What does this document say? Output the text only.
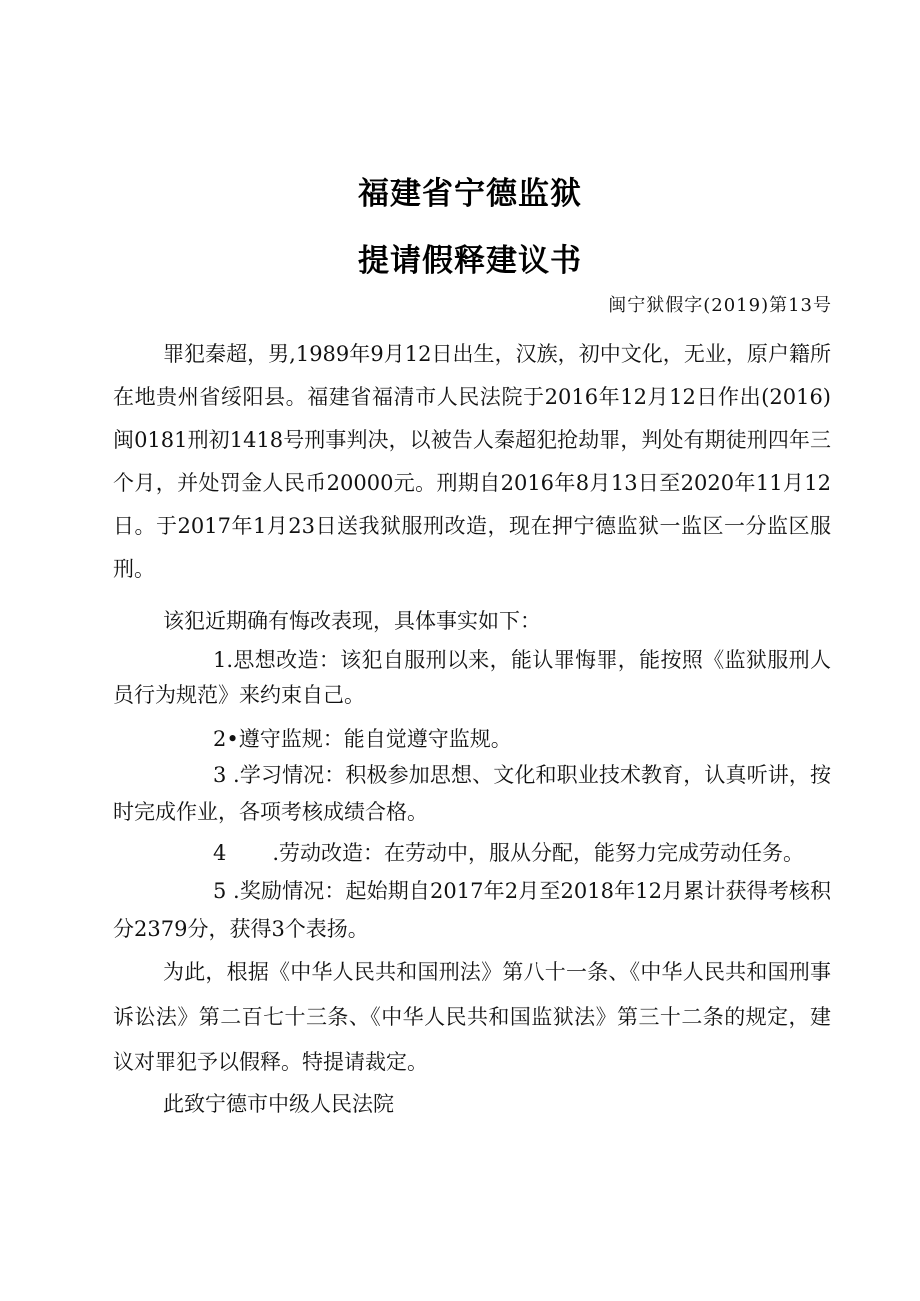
福建省宁德监狱
提请假释建议书
闽宁狱假字(2019)第13号

罪犯秦超，男,1989年9月12日出生，汉族，初中文化，无业，原户籍所在地贵州省绥阳县。福建省福清市人民法院于2016年12月12日作出(2016)闽0181刑初1418号刑事判决，以被告人秦超犯抢劫罪，判处有期徒刑四年三个月，并处罚金人民币20000元。刑期自2016年8月13日至2020年11月12日。于2017年1月23日送我狱服刑改造，现在押宁德监狱一监区一分监区服刑。

该犯近期确有悔改表现，具体事实如下：

1.思想改造：该犯自服刑以来，能认罪悔罪，能按照《监狱服刑人员行为规范》来约束自己。

2•遵守监规：能自觉遵守监规。

3 .学习情况：积极参加思想、文化和职业技术教育，认真听讲，按时完成作业，各项考核成绩合格。

4 .劳动改造：在劳动中，服从分配，能努力完成劳动任务。

5 .奖励情况：起始期自2017年2月至2018年12月累计获得考核积分2379分，获得3个表扬。

为此，根据《中华人民共和国刑法》第八十一条、《中华人民共和国刑事诉讼法》第二百七十三条、《中华人民共和国监狱法》第三十二条的规定，建议对罪犯予以假释。特提请裁定。

此致宁德市中级人民法院
